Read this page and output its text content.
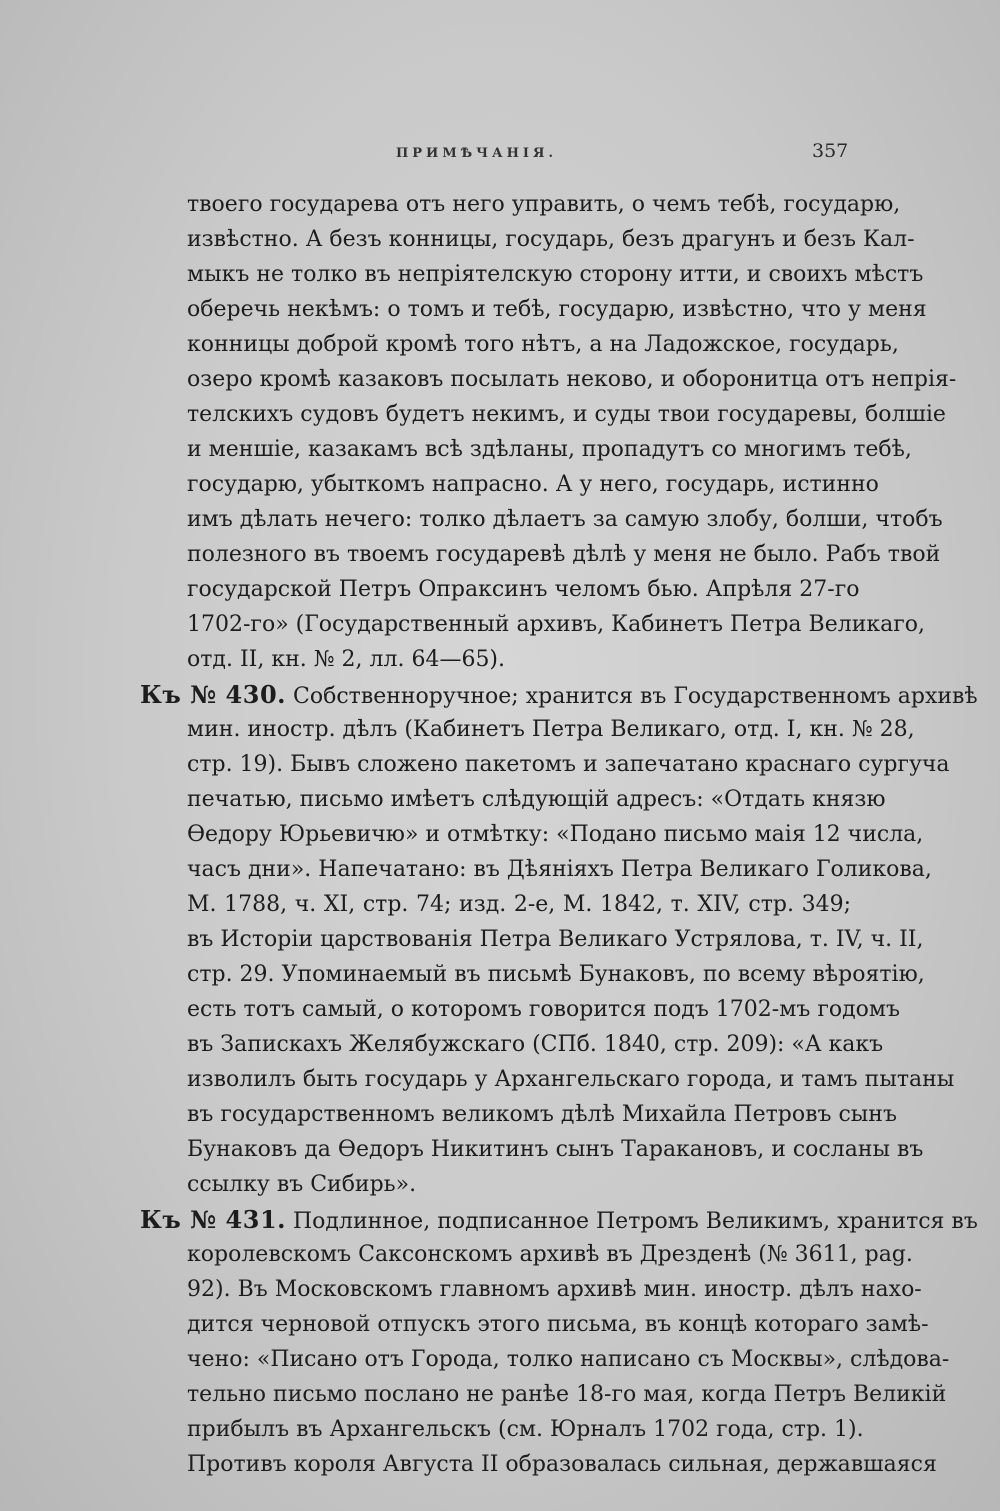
ПРИМѢЧАНІЯ.	357
твоего государева отъ него управить, о чемъ тебѣ, государю,
извѣстно. А безъ конницы, государь, безъ драгунъ и безъ Кал-
мыкъ не толко въ непріятелскую сторону итти, и своихъ мѣстъ
оберечь некѣмъ: о томъ и тебѣ, государю, извѣстно, что у меня
конницы доброй кромѣ того нѣтъ, а на Ладожское, государь,
озеро кромѣ казаковъ посылать неково, и оборонитца отъ непрія-
телскихъ судовъ будетъ некимъ, и суды твои государевы, болшіе
и меншіе, казакамъ всѣ здѣланы, пропадутъ со многимъ тебѣ,
государю, убыткомъ напрасно. А у него, государь, истинно
имъ дѣлать нечего: толко дѣлаетъ за самую злобу, болши, чтобъ
полезного въ твоемъ государевѣ дѣлѣ у меня не было. Рабъ твой
государской Петръ Опраксинъ челомъ бью. Апрѣля 27-го
1702-го» (Государственный архивъ, Кабинетъ Петра Великаго,
отд. II, кн. № 2, лл. 64—65).
Къ № 430. Собственноручное; хранится въ Государственномъ архивѣ
мин. иностр. дѣлъ (Кабинетъ Петра Великаго, отд. I, кн. № 28,
стр. 19). Бывъ сложено пакетомъ и запечатано краснаго сургуча
печатью, письмо имѣетъ слѣдующій адресъ: «Отдать князю
Ѳедору Юрьевичю» и отмѣтку: «Подано письмо маія 12 числа,
часъ дни». Напечатано: въ Дѣяніяхъ Петра Великаго Голикова,
М. 1788, ч. XI, стр. 74; изд. 2-е, М. 1842, т. XIV, стр. 349;
въ Исторіи царствованія Петра Великаго Устрялова, т. IV, ч. II,
стр. 29. Упоминаемый въ письмѣ Бунаковъ, по всему вѣроятію,
есть тотъ самый, о которомъ говорится подъ 1702-мъ годомъ
въ Запискахъ Желябужскаго (СПб. 1840, стр. 209): «А какъ
изволилъ быть государь у Архангельскаго города, и тамъ пытаны
въ государственномъ великомъ дѣлѣ Михайла Петровъ сынъ
Бунаковъ да Ѳедоръ Никитинъ сынъ Таракановъ, и сосланы въ
ссылку въ Сибирь».
Къ № 431. Подлинное, подписанное Петромъ Великимъ, хранится въ
королевскомъ Саксонскомъ архивѣ въ Дрезденѣ (№ 3611, pag.
92). Въ Московскомъ главномъ архивѣ мин. иностр. дѣлъ нахо-
дится черновой отпускъ этого письма, въ концѣ котораго замѣ-
чено: «Писано отъ Города, толко написано съ Москвы», слѣдова-
тельно письмо послано не ранѣе 18-го мая, когда Петръ Великій
прибылъ въ Архангельскъ (см. Юрналъ 1702 года, стр. 1).
Противъ короля Августа II образовалась сильная, державшаяся
